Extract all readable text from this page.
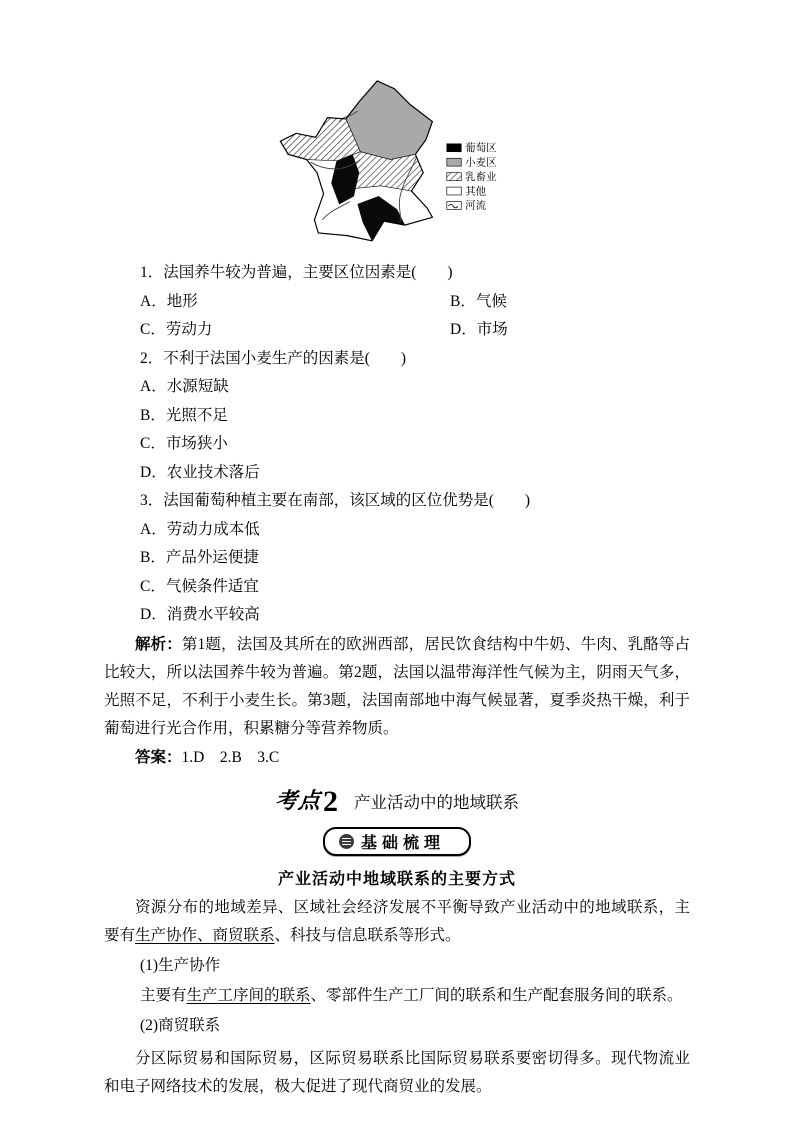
葡萄区
小麦区
乳畜业
其他
河流

1．法国养牛较为普遍，主要区位因素是(　　)

A．地形	B．气候
C．劳动力	D．市场

2．不利于法国小麦生产的因素是(　　)

A．水源短缺

B．光照不足

C．市场狭小

D．农业技术落后

3．法国葡萄种植主要在南部，该区域的区位优势是(　　)

A．劳动力成本低

B．产品外运便捷

C．气候条件适宜

D．消费水平较高

解析：第1题，法国及其所在的欧洲西部，居民饮食结构中牛奶、牛肉、乳酪等占比较大，所以法国养牛较为普遍。第2题，法国以温带海洋性气候为主，阴雨天气多，光照不足，不利于小麦生长。第3题，法国南部地中海气候显著，夏季炎热干燥，利于葡萄进行光合作用，积累糖分等营养物质。

答案：1.D　2.B　3.C

考点2 产业活动中的地域联系
基础梳理
产业活动中地域联系的主要方式

资源分布的地域差异、区域社会经济发展不平衡导致产业活动中的地域联系，主要有生产协作、商贸联系、科技与信息联系等形式。

(1)生产协作

主要有生产工序间的联系、零部件生产工厂间的联系和生产配套服务间的联系。

(2)商贸联系

分区际贸易和国际贸易，区际贸易联系比国际贸易联系要密切得多。现代物流业和电子网络技术的发展，极大促进了现代商贸业的发展。
